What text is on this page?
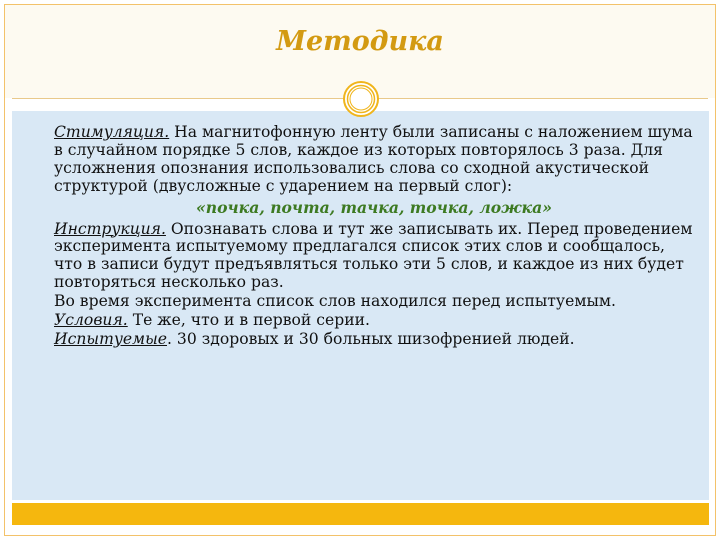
Методика

Стимуляция. На магнитофонную ленту были записаны с наложением шума в случайном порядке 5 слов, каждое из которых повторялось 3 раза. Для усложнения опознания использовались слова со сходной акустической структурой (двусложные с ударением на первый слог):

«почка, почта, тачка, точка, ложка»

Инструкция. Опознавать слова и тут же записывать их. Перед проведением эксперимента испытуемому предлагался список этих слов и сообщалось, что в записи будут предъявляться только эти 5 слов, и каждое из них будет повторяться несколько раз.

Во время эксперимента список слов находился перед испытуемым.

Условия. Те же, что и в первой серии.

Испытуемые. 30 здоровых и 30 больных шизофренией людей.
